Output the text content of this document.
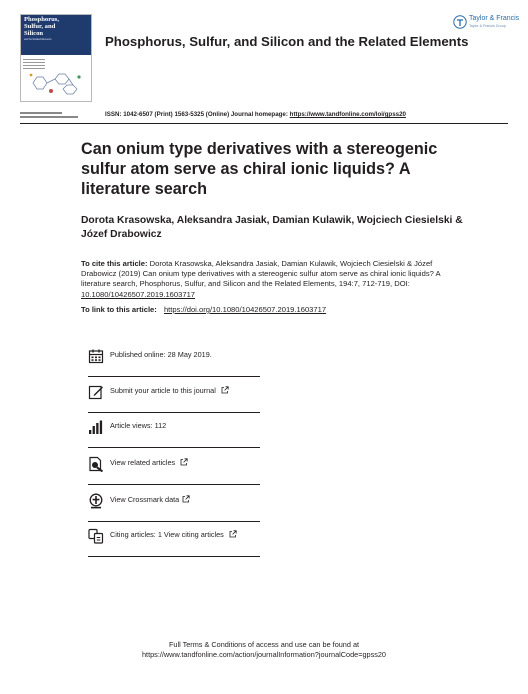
Phosphorus,
Sulfur, and
Silicon
and the Related Elements
Taylor & Francis
Taylor & Francis Group
Phosphorus, Sulfur, and Silicon and the Related Elements
ISSN: 1042-6507 (Print) 1563-5325 (Online) Journal homepage: https://www.tandfonline.com/loi/gpss20
Can onium type derivatives with a stereogenic sulfur atom serve as chiral ionic liquids? A literature search
Dorota Krasowska, Aleksandra Jasiak, Damian Kulawik, Wojciech Ciesielski & Józef Drabowicz
To cite this article: Dorota Krasowska, Aleksandra Jasiak, Damian Kulawik, Wojciech Ciesielski & Józef Drabowicz (2019) Can onium type derivatives with a stereogenic sulfur atom serve as chiral ionic liquids? A literature search, Phosphorus, Sulfur, and Silicon and the Related Elements, 194:7, 712-719, DOI: 10.1080/10426507.2019.1603717
To link to this article: https://doi.org/10.1080/10426507.2019.1603717
Published online: 28 May 2019.
Submit your article to this journal
Article views: 112
View related articles
View Crossmark data
Citing articles: 1 View citing articles
Full Terms & Conditions of access and use can be found at
https://www.tandfonline.com/action/journalInformation?journalCode=gpss20
